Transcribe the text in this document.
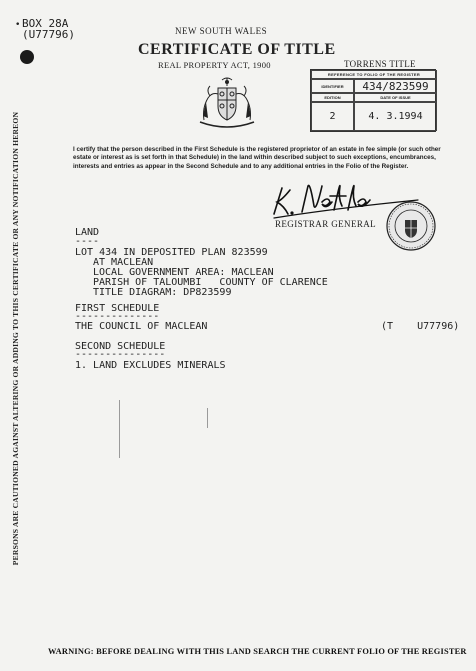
• BOX 28A
(U77796)	NEW SOUTH WALES
CERTIFICATE OF TITLE
REAL PROPERTY ACT, 1900	TORRENS TITLE
REFERENCE TO FOLIO OF THE REGISTER
IDENTIFIER	434/823599
EDITION	DATE OF ISSUE
2	4. 3.1994
I certify that the person described in the First Schedule is the registered proprietor of an estate in fee simple (or such other estate or interest as is set forth in that Schedule) in the land within described subject to such exceptions, encumbrances, interests and entries as appear in the Second Schedule and to any additional entries in the Folio of the Register.
REGISTRAR GENERAL
LAND
----
LOT 434 IN DEPOSITED PLAN 823599
AT MACLEAN
LOCAL GOVERNMENT AREA: MACLEAN
PARISH OF TALOUMBI   COUNTY OF CLARENCE
TITLE DIAGRAM: DP823599
FIRST SCHEDULE
--------------
THE COUNCIL OF MACLEAN
SECOND SCHEDULE
---------------
1. LAND EXCLUDES MINERALS
(T    U77796)
PERSONS ARE CAUTIONED AGAINST ALTERING OR ADDING TO THIS CERTIFICATE OR ANY NOTIFICATION HEREON
WARNING: BEFORE DEALING WITH THIS LAND SEARCH THE CURRENT FOLIO OF THE REGISTER
